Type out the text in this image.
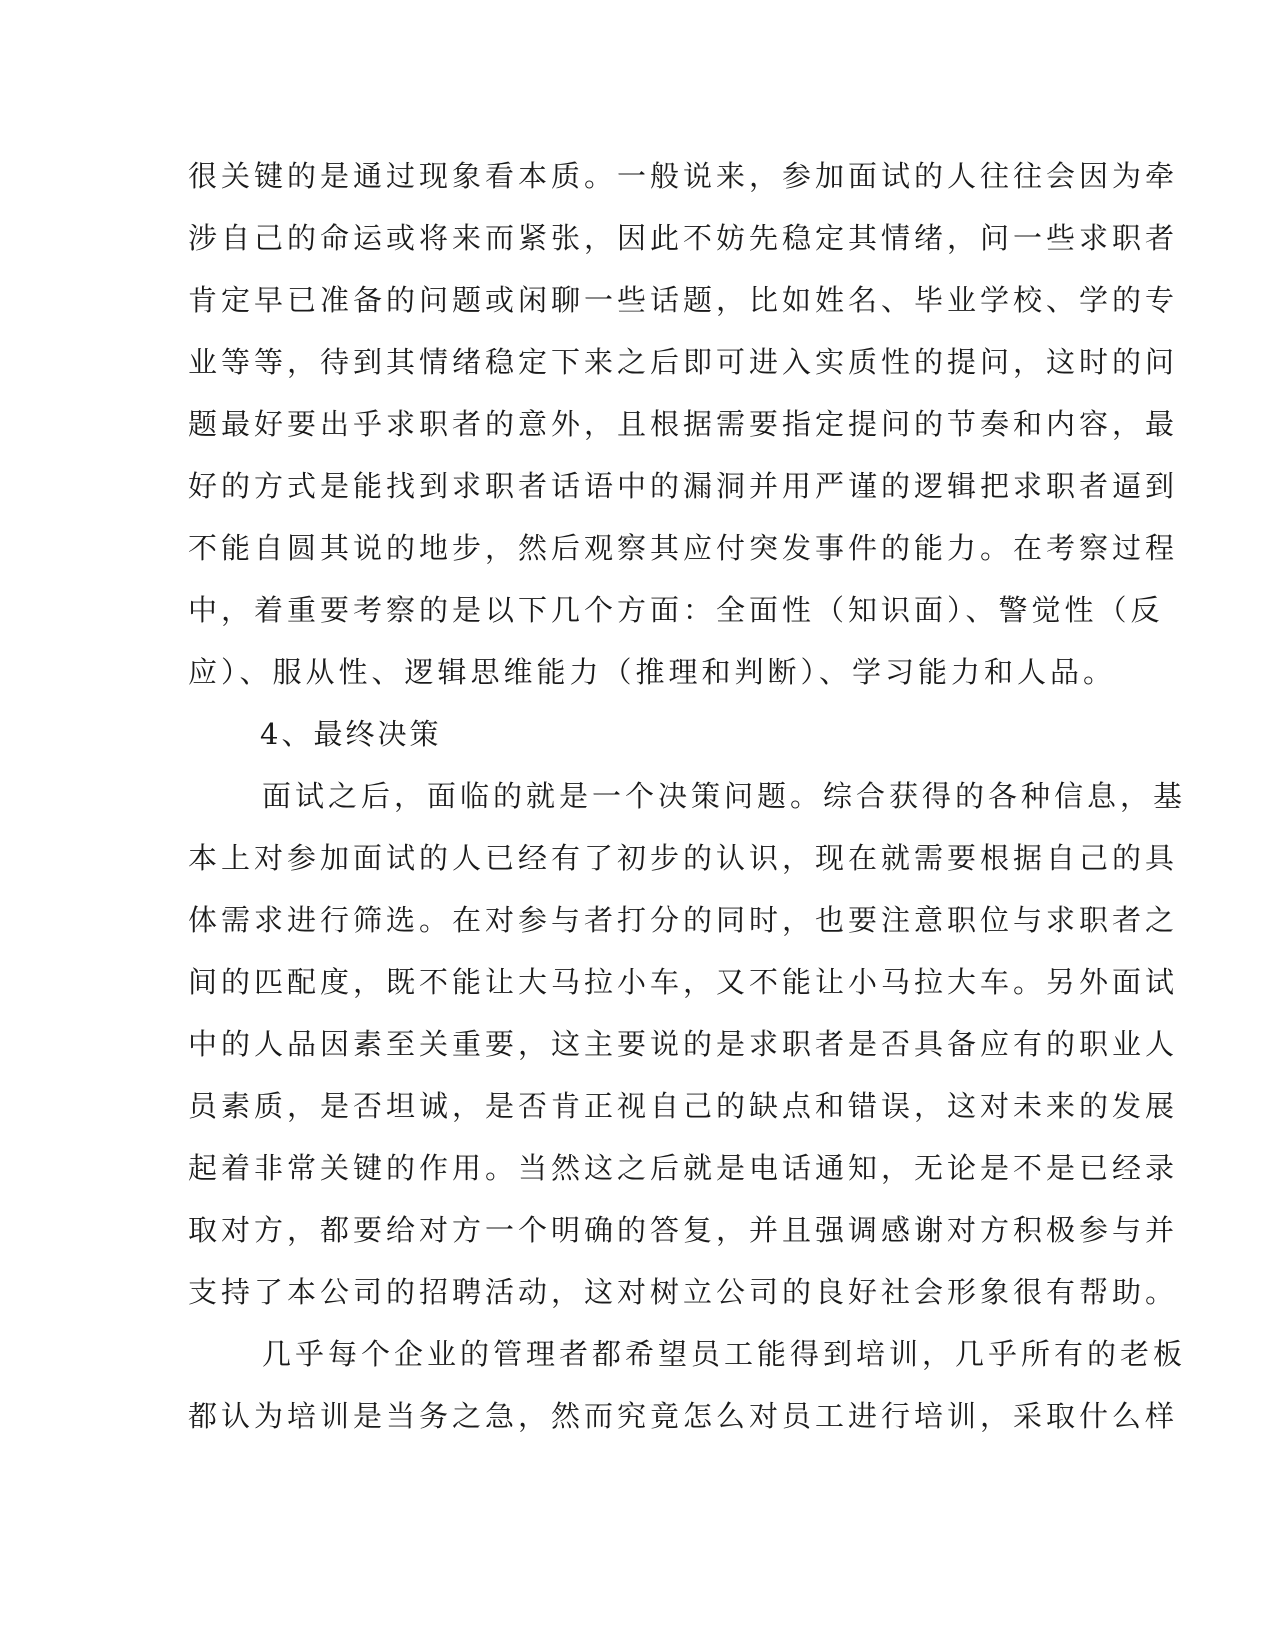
很关键的是通过现象看本质。一般说来，参加面试的人往往会因为牵
涉自己的命运或将来而紧张，因此不妨先稳定其情绪，问一些求职者
肯定早已准备的问题或闲聊一些话题，比如姓名、毕业学校、学的专
业等等，待到其情绪稳定下来之后即可进入实质性的提问，这时的问
题最好要出乎求职者的意外，且根据需要指定提问的节奏和内容，最
好的方式是能找到求职者话语中的漏洞并用严谨的逻辑把求职者逼到
不能自圆其说的地步，然后观察其应付突发事件的能力。在考察过程
中，着重要考察的是以下几个方面：全面性（知识面）、警觉性（反
应）、服从性、逻辑思维能力（推理和判断）、学习能力和人品。
4、最终决策
面试之后，面临的就是一个决策问题。综合获得的各种信息，基
本上对参加面试的人已经有了初步的认识，现在就需要根据自己的具
体需求进行筛选。在对参与者打分的同时，也要注意职位与求职者之
间的匹配度，既不能让大马拉小车，又不能让小马拉大车。另外面试
中的人品因素至关重要，这主要说的是求职者是否具备应有的职业人
员素质，是否坦诚，是否肯正视自己的缺点和错误，这对未来的发展
起着非常关键的作用。当然这之后就是电话通知，无论是不是已经录
取对方，都要给对方一个明确的答复，并且强调感谢对方积极参与并
支持了本公司的招聘活动，这对树立公司的良好社会形象很有帮助。
几乎每个企业的管理者都希望员工能得到培训，几乎所有的老板
都认为培训是当务之急，然而究竟怎么对员工进行培训，采取什么样
